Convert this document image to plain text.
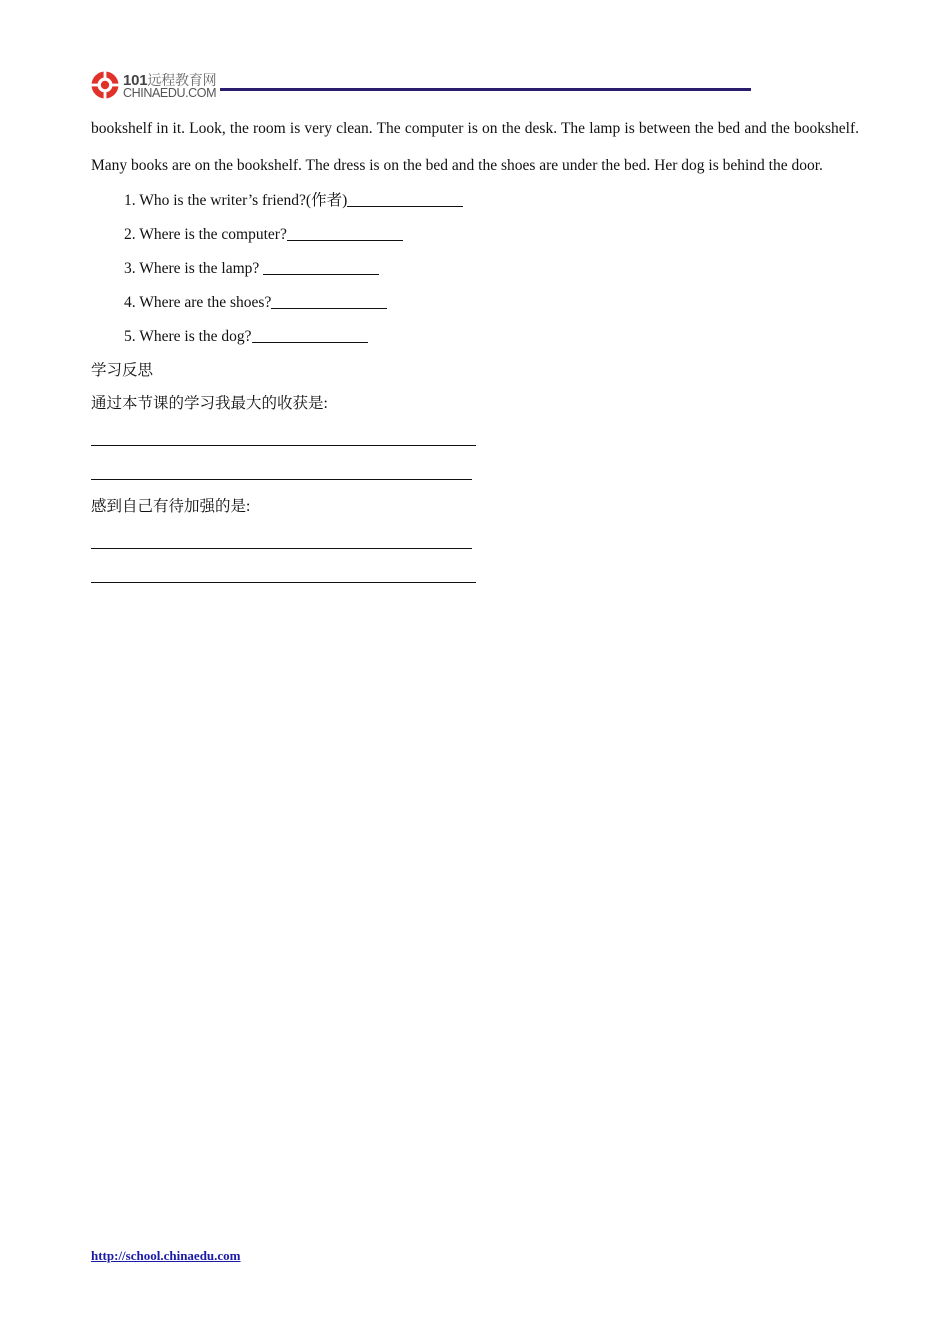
101远程教育网
CHINAEDU.COM

bookshelf in it. Look, the room is very clean. The computer is on the desk. The lamp is between the bed and the bookshelf. Many books are on the bookshelf. The dress is on the bed and the shoes are under the bed. Her dog is behind the door.

1. Who is the writer’s friend?(作者)
2. Where is the computer?
3. Where is the lamp?
4. Where are the shoes?
5. Where is the dog?

学习反思

通过本节课的学习我最大的收获是:

感到自己有待加强的是:

http://school.chinaedu.com
